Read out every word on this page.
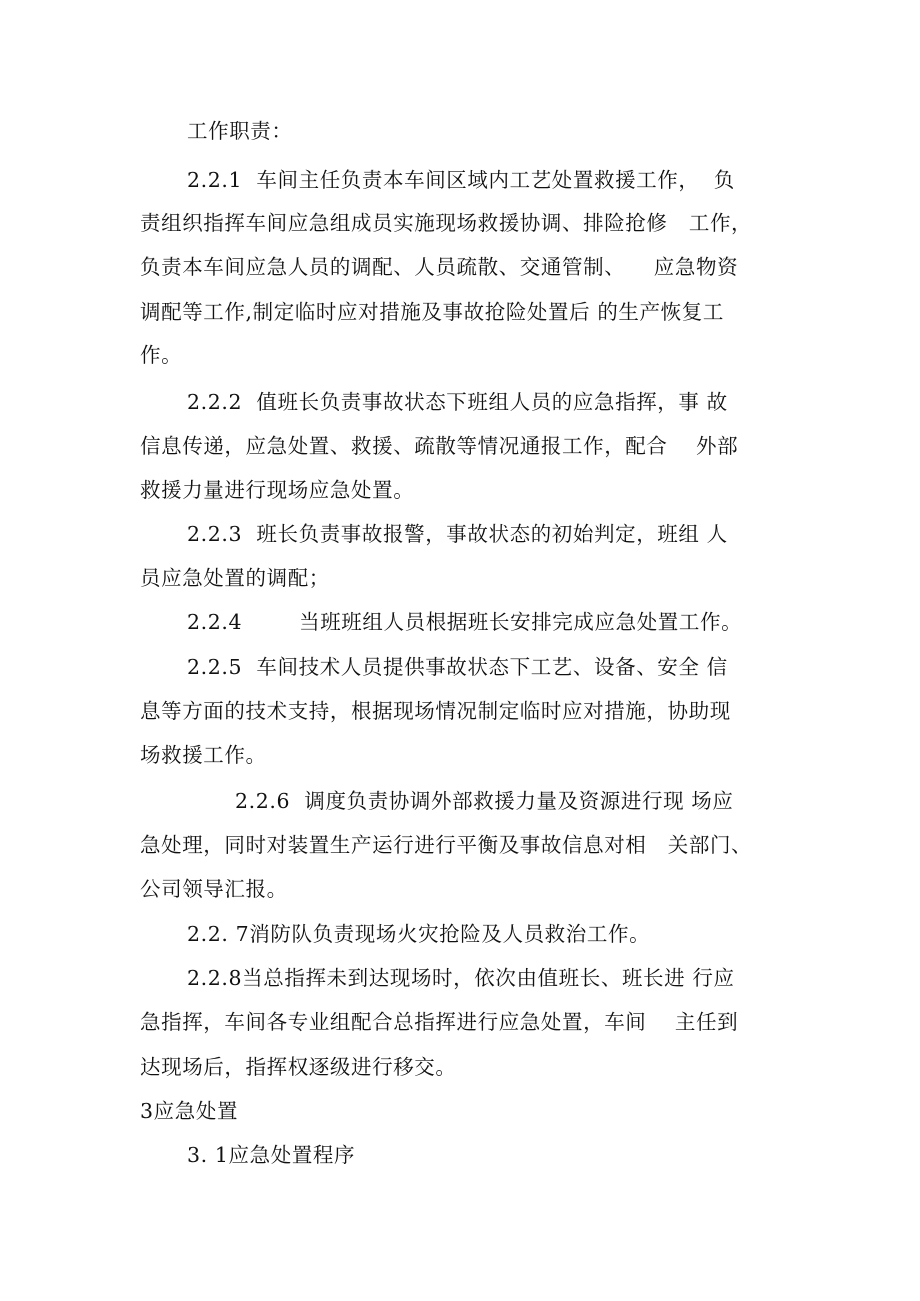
工作职责：
2.2.1  车间主任负责本车间区域内工艺处置救援工作，  负
责组织指挥车间应急组成员实施现场救援协调、排险抢修   工作，
负责本车间应急人员的调配、人员疏散、交通管制、    应急物资
调配等工作,制定临时应对措施及事故抢险处置后 的生产恢复工
作。
2.2.2  值班长负责事故状态下班组人员的应急指挥，事 故
信息传递，应急处置、救援、疏散等情况通报工作，配合    外部
救援力量进行现场应急处置。
2.2.3  班长负责事故报警，事故状态的初始判定，班组 人
员应急处置的调配；
2.2.4        当班班组人员根据班长安排完成应急处置工作。
2.2.5  车间技术人员提供事故状态下工艺、设备、安全 信
息等方面的技术支持，根据现场情况制定临时应对措施，协助现
场救援工作。
2.2.6  调度负责协调外部救援力量及资源进行现 场应
急处理，同时对装置生产运行进行平衡及事故信息对相   关部门、
公司领导汇报。
2.2. 7消防队负责现场火灾抢险及人员救治工作。
2.2.8当总指挥未到达现场时，依次由值班长、班长进 行应
急指挥，车间各专业组配合总指挥进行应急处置，车间    主任到
达现场后，指挥权逐级进行移交。
3应急处置
3. 1应急处置程序
